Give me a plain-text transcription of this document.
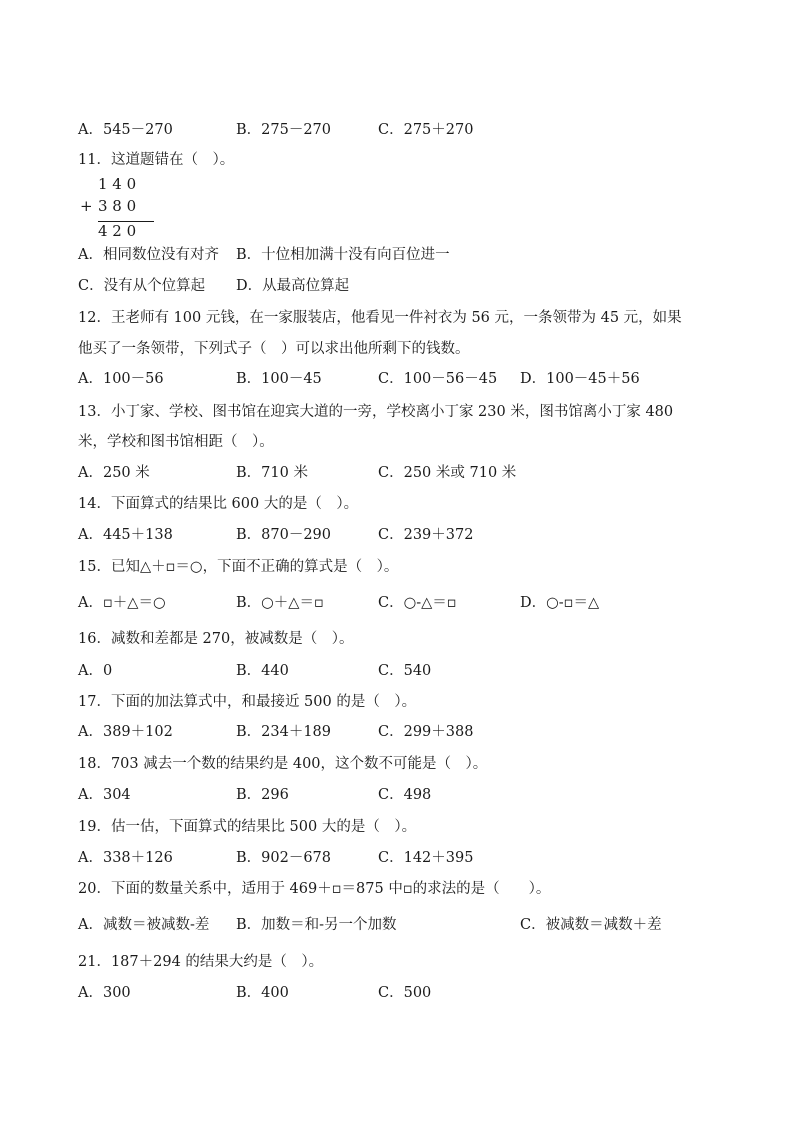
A．545－270	B．275－270	C．275＋270
11．这道题错在（　）。
1 4 0
+ 3 8 0
4 2 0
A．相同数位没有对齐 B．十位相加满十没有向百位进一
C．没有从个位算起 D．从最高位算起
12．王老师有 100 元钱，在一家服装店，他看见一件衬衣为 56 元，一条领带为 45 元，如果
他买了一条领带，下列式子（　）可以求出他所剩下的钱数。
A．100－56	B．100－45	C．100－56－45 D．100－45＋56
13．小丁家、学校、图书馆在迎宾大道的一旁，学校离小丁家 230 米，图书馆离小丁家 480
米，学校和图书馆相距（　）。
A．250 米	B．710 米	C．250 米或 710 米
14．下面算式的结果比 600 大的是（　）。
A．445＋138	B．870－290	C．239＋372
15．已知△＋▫＝○，下面不正确的算式是（　）。
A．▫＋△＝○	B．○＋△＝▫	C．○-△＝▫	D．○-▫＝△
16．减数和差都是 270，被减数是（　）。
A．0	B．440	C．540
17．下面的加法算式中，和最接近 500 的是（　）。
A．389＋102	B．234＋189	C．299＋388
18．703 减去一个数的结果约是 400，这个数不可能是（　）。
A．304	B．296	C．498
19．估一估，下面算式的结果比 500 大的是（　）。
A．338＋126	B．902－678	C．142＋395
20．下面的数量关系中，适用于 469＋▫＝875 中▫的求法的是（　　）。
A．减数＝被减数-差 B．加数＝和-另一个加数	C．被减数＝减数＋差
21．187＋294 的结果大约是（　）。
A．300	B．400	C．500
